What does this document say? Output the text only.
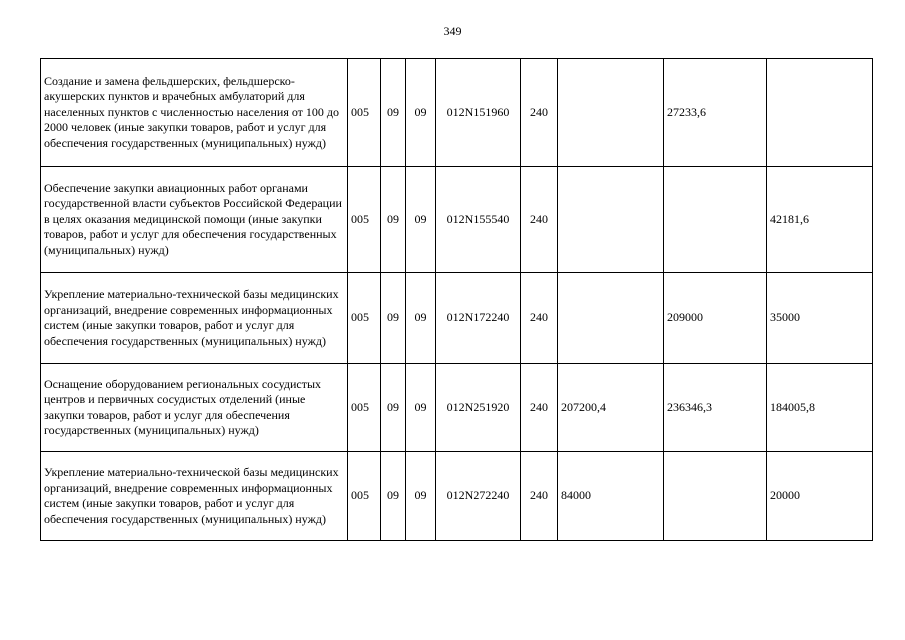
349
Создание и замена фельдшерских, фельдшерско-акушерских пунктов и врачебных амбулаторий для населенных пунктов с численностью населения от 100 до 2000 человек (иные закупки товаров, работ и услуг для обеспечения государственных (муниципальных) нужд)	005	09	09	012N151960	240		27233,6	
Обеспечение закупки авиационных работ органами государственной власти субъектов Российской Федерации в целях оказания медицинской помощи (иные закупки товаров, работ и услуг для обеспечения государственных (муниципальных) нужд)	005	09	09	012N155540	240			42181,6
Укрепление материально-технической базы медицинских организаций, внедрение современных информационных систем (иные закупки товаров, работ и услуг для обеспечения государственных (муниципальных) нужд)	005	09	09	012N172240	240		209000	35000
Оснащение оборудованием региональных сосудистых центров и первичных сосудистых отделений (иные закупки товаров, работ и услуг для обеспечения государственных (муниципальных) нужд)	005	09	09	012N251920	240	207200,4	236346,3	184005,8
Укрепление материально-технической базы медицинских организаций, внедрение современных информационных систем (иные закупки товаров, работ и услуг для обеспечения государственных (муниципальных) нужд)	005	09	09	012N272240	240	84000		20000
